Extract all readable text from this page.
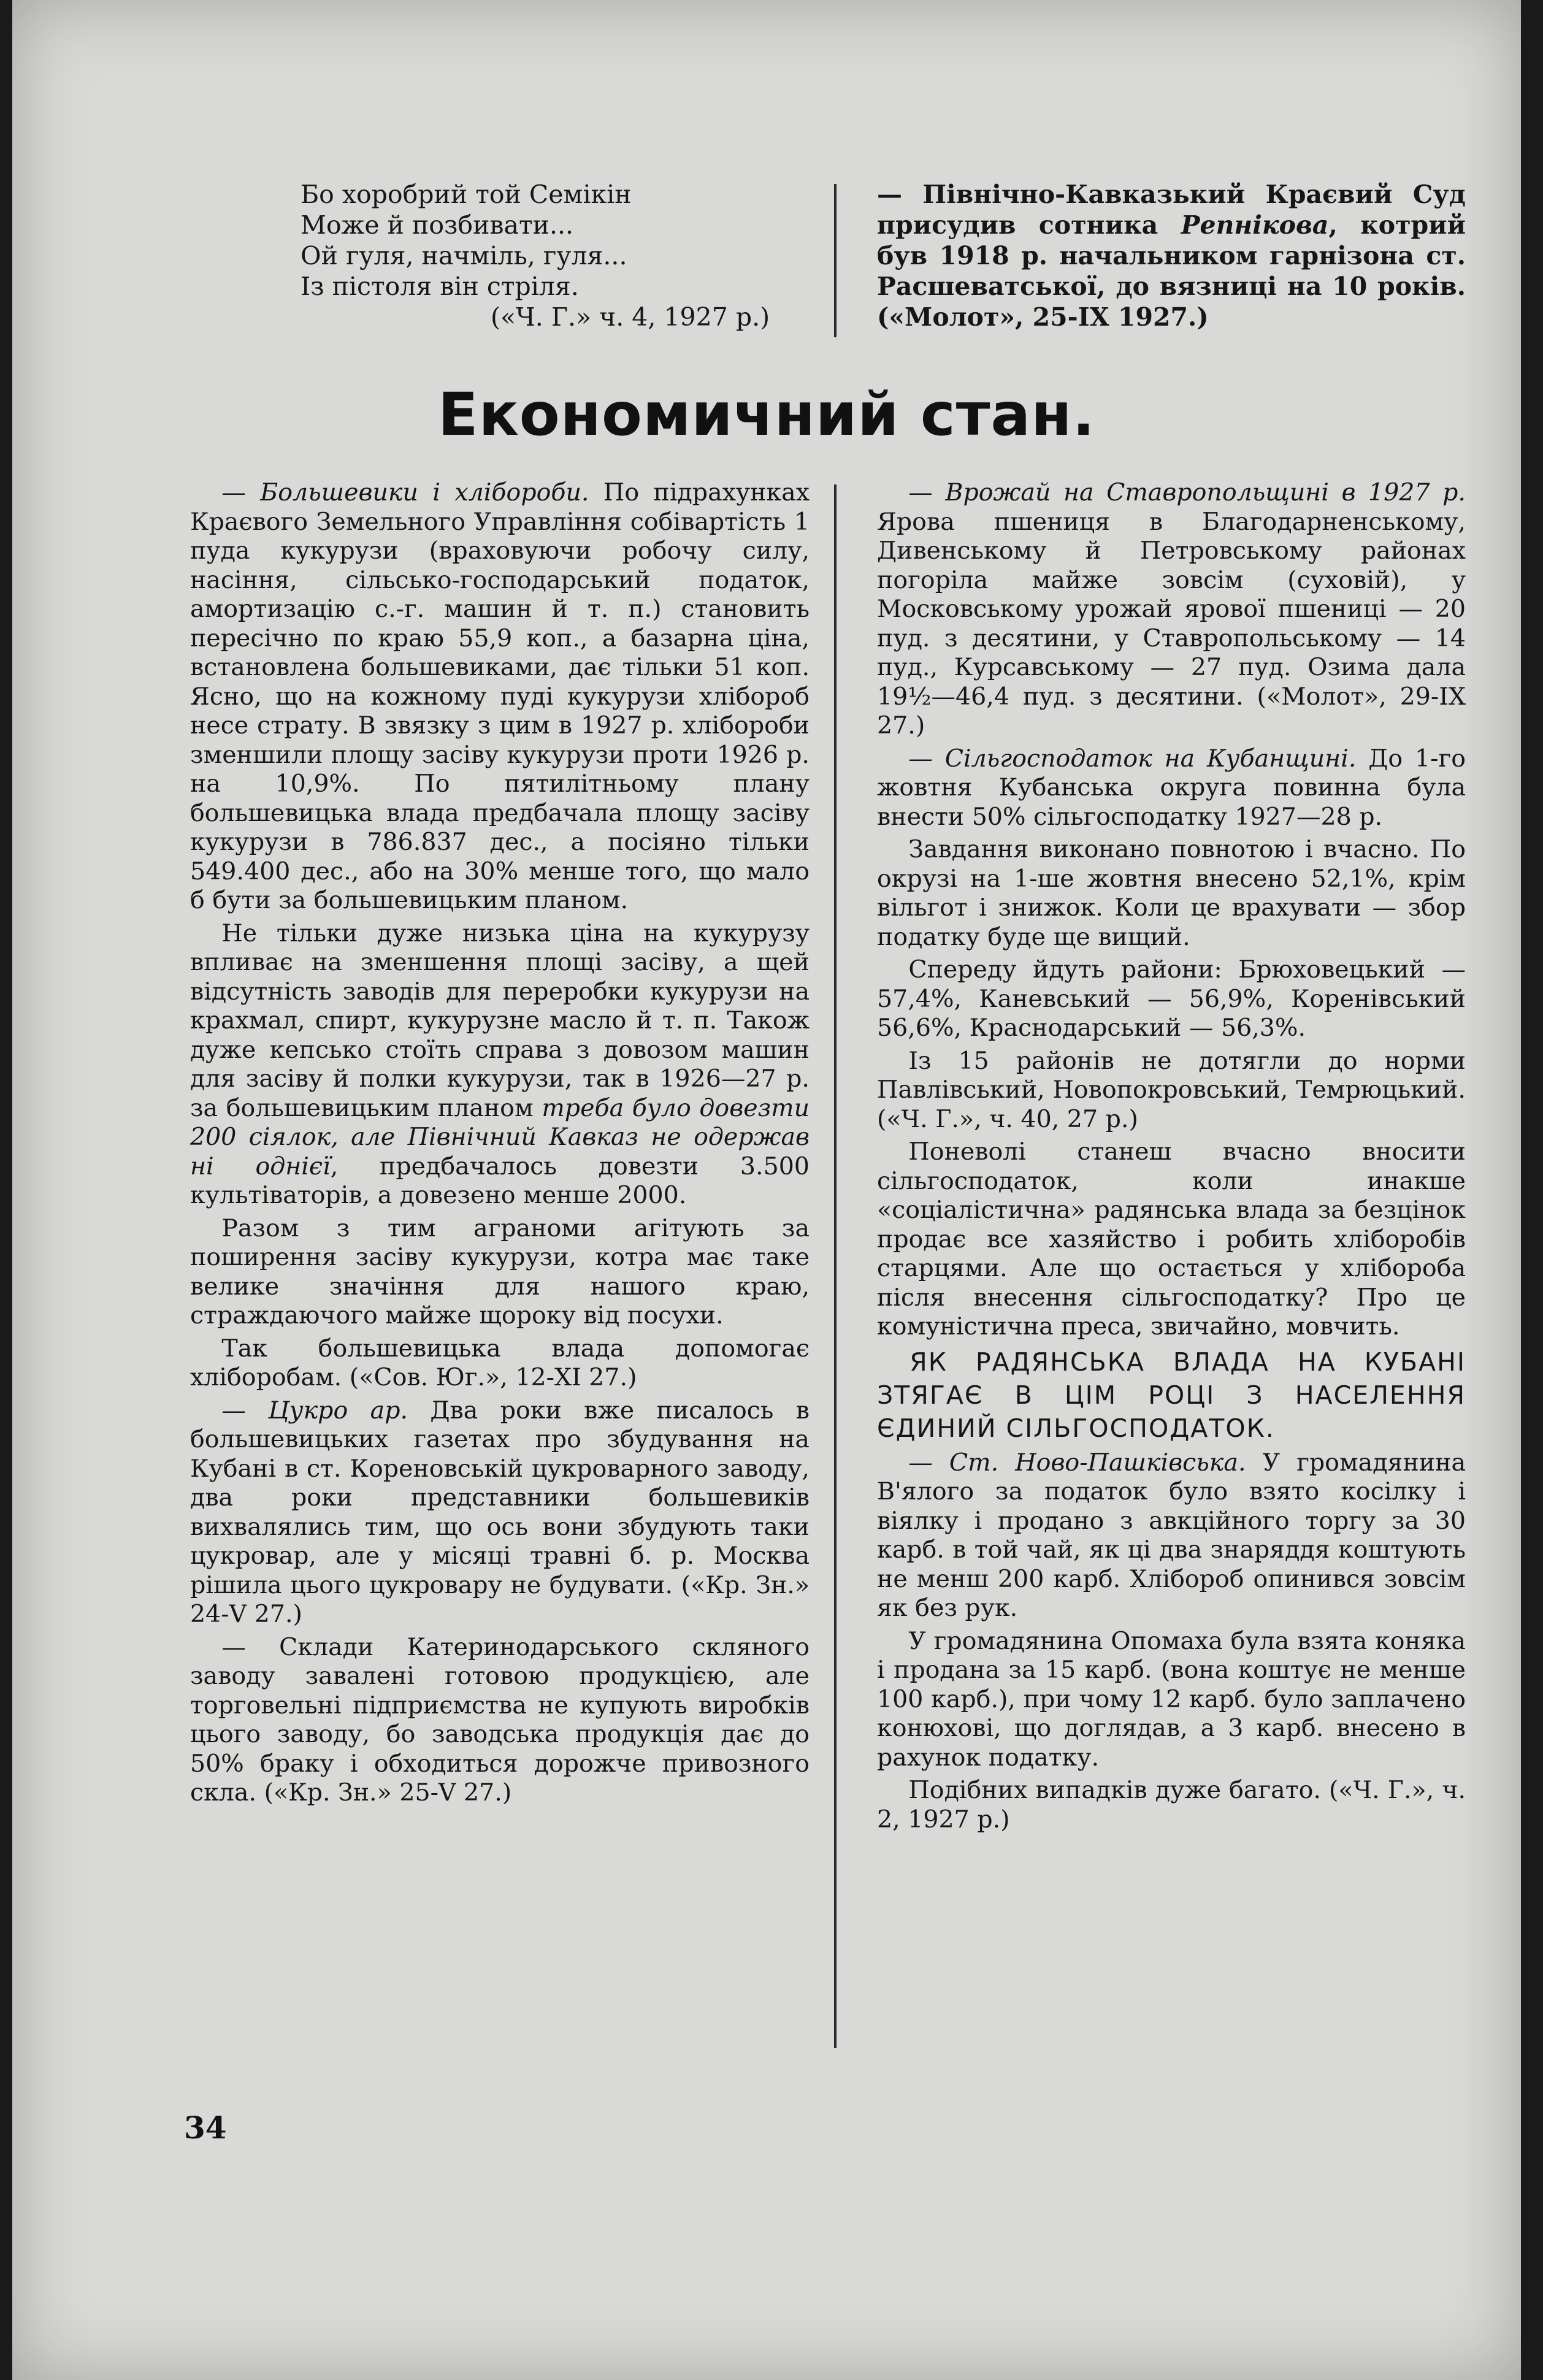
Бо хоробрий той Семікін
Може й позбивати...
Ой гуля, начміль, гуля...
Із пістоля він стріля.
(«Ч. Г.» ч. 4, 1927 р.)

— Північно-Кавказький Краєвий Суд присудив сотника Репнікова, котрий був 1918 р. начальником гарнізона ст. Расшеватської, до вязниці на 10 років. («Молот», 25-IX 1927.)

Економичний стан.

— Большевики і хлібороби. По підрахунках Краєвого Земельного Управління собівартість 1 пуда кукурузи (враховуючи робочу силу, насіння, сільсько-господарський податок, амортизацію с.-г. машин й т. п.) становить пересічно по краю 55,9 коп., а базарна ціна, встановлена большевиками, дає тільки 51 коп. Ясно, що на кожному пуді кукурузи хлібороб несе страту. В звязку з цим в 1927 р. хлібороби зменшили площу засіву кукурузи проти 1926 р. на 10,9%. По пятилітньому плану большевицька влада предбачала площу засіву кукурузи в 786.837 дес., а посіяно тільки 549.400 дес., або на 30% менше того, що мало б бути за большевицьким планом.

Не тільки дуже низька ціна на кукурузу впливає на зменшення площі засіву, а щей відсутність заводів для переробки кукурузи на крахмал, спирт, кукурузне масло й т. п. Також дуже кепсько стоїть справа з довозом машин для засіву й полки кукурузи, так в 1926—27 р. за большевицьким планом треба було довезти 200 сіялок, але Північний Кавказ не одержав ні однієї, предбачалось довезти 3.500 культіваторів, а довезено менше 2000.

Разом з тим аграноми агітують за поширення засіву кукурузи, котра має таке велике значіння для нашого краю, страждаючого майже щороку від посухи.

Так большевицька влада допомогає хліборобам. («Сов. Юг.», 12-XI 27.)

— Цукро ар. Два роки вже писалось в большевицьких газетах про збудування на Кубані в ст. Кореновській цукроварного заводу, два роки представники большевиків вихвалялись тим, що ось вони збудують таки цукровар, але у місяці травні б. р. Москва рішила цього цукровару не будувати. («Кр. Зн.» 24-V 27.)

— Склади Катеринодарського скляного заводу завалені готовою продукцією, але торговельні підприємства не купують виробків цього заводу, бо заводська продукція дає до 50% браку і обходиться дорожче привозного скла. («Кр. Зн.» 25-V 27.)

— Врожай на Ставропольщині в 1927 р. Ярова пшениця в Благодарненському, Дивенському й Петровському районах погоріла майже зовсім (суховій), у Московському урожай ярової пшениці — 20 пуд. з десятини, у Ставропольському — 14 пуд., Курсавському — 27 пуд. Озима дала 19½—46,4 пуд. з десятини. («Молот», 29-IX 27.)

— Сільгоcподаток на Кубанщині. До 1-го жовтня Кубанська округа повинна була внести 50% сільгоcподатку 1927—28 р.

Завдання виконано повнотою і вчасно. По окрузі на 1-ше жовтня внесено 52,1%, крім вільгот і знижок. Коли це врахувати — збор податку буде ще вищий.

Спереду йдуть райони: Брюховецький — 57,4%, Каневський — 56,9%, Коренівський 56,6%, Краснодарський — 56,3%.

Із 15 районів не дотягли до норми Павлівський, Новопокровський, Темрюцький. («Ч. Г.», ч. 40, 27 р.)

Поневолі станеш вчасно вносити сільгоcподаток, коли инакше «соціалістична» радянська влада за безцінок продає все хазяйство і робить хліборобів старцями. Але що остається у хлібороба після внесення сільгоcподатку? Про це комуністична преса, звичайно, мовчить.

ЯК РАДЯНСЬКА ВЛАДА НА КУБАНІ ЗТЯГАЄ В ЦІМ РОЦІ З НАСЕЛЕННЯ ЄДИНИЙ СІЛЬГОСПОДАТОК.

— Ст. Ново-Пашківська. У громадянина В'ялого за податок було взято косілку і віялку і продано з авкційного торгу за 30 карб. в той чай, як ці два знаряддя коштують не менш 200 карб. Хлібороб опинився зовсім як без рук.

У громадянина Опомаха була взята коняка і продана за 15 карб. (вона коштує не менше 100 карб.), при чому 12 карб. було заплачено конюхові, що доглядав, а 3 карб. внесено в рахунок податку.

Подібних випадків дуже багато. («Ч. Г.», ч. 2, 1927 р.)

34
